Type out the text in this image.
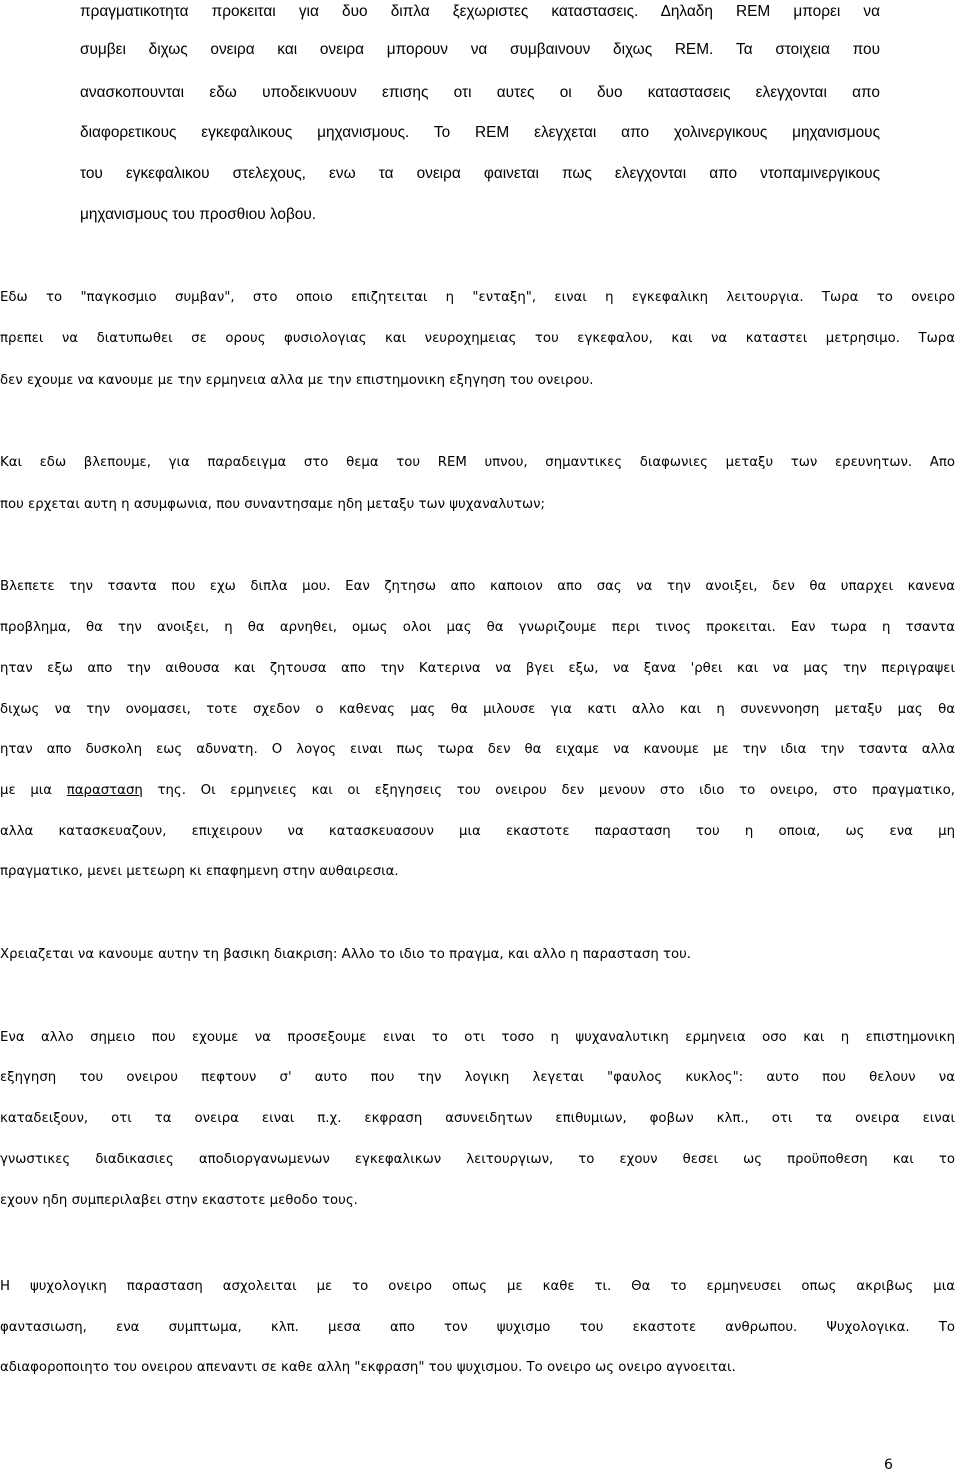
πραγματικοτητα προκειται για δυο διπλα ξεχωριστες καταστασεις. Δηλαδη REM μπορει να
συμβει διχως ονειρα και ονειρα μπορουν να συμβαινουν διχως REM. Τα στοιχεια που
ανασκοπουνται εδω υποδεικνυουν επισης οτι αυτες οι δυο καταστασεις ελεγχονται απο
διαφορετικους εγκεφαλικους μηχανισμους. Το REM ελεγχεται απο χολινεργικους μηχανισμους
του εγκεφαλικου στελεχους, ενω τα ονειρα φαινεται πως ελεγχονται απο ντοπαμινεργικους
μηχανισμους του προσθιου λοβου.
Εδω το "παγκοσμιο συμβαν", στο οποιο επιζητειται η "ενταξη", ειναι η εγκεφαλικη λειτουργια. Τωρα το ονειρο
πρεπει να διατυπωθει σε ορους φυσιολογιας και νευροχημειας του εγκεφαλου, και να καταστει μετρησιμο. Τωρα
δεν εχουμε να κανουμε με την ερμηνεια αλλα με την επιστημονικη εξηγηση του ονειρου.
Και εδω βλεπουμε, για παραδειγμα στο θεμα του REM υπνου, σημαντικες διαφωνιες μεταξυ των ερευνητων. Απο
που ερχεται αυτη η ασυμφωνια, που συναντησαμε ηδη μεταξυ των ψυχαναλυτων;
Βλεπετε την τσαντα που εχω διπλα μου. Εαν ζητησω απο καποιον απο σας να την ανοιξει, δεν θα υπαρχει κανενα
προβλημα, θα την ανοιξει, η θα αρνηθει, ομως ολοι μας θα γνωριζουμε περι τινος προκειται. Εαν τωρα η τσαντα
ηταν εξω απο την αιθουσα και ζητουσα απο την Κατερινα να βγει εξω, να ξανα 'ρθει και να μας την περιγραψει
διχως να την ονομασει, τοτε σχεδον ο καθενας μας θα μιλουσε για κατι αλλο και η συνεννοηση μεταξυ μας θα
ηταν απο δυσκολη εως αδυνατη. Ο λογος ειναι πως τωρα δεν θα ειχαμε να κανουμε με την ιδια την τσαντα αλλα
με μια παρασταση της. Οι ερμηνειες και οι εξηγησεις του ονειρου δεν μενουν στο ιδιο το ονειρο, στο πραγματικο,
αλλα κατασκευαζουν, επιχειρουν να κατασκευασουν μια εκαστοτε παρασταση του η οποια, ως ενα μη
πραγματικο, μενει μετεωρη κι επαφημενη στην αυθαιρεσια.
Χρειαζεται να κανουμε αυτην τη βασικη διακριση: Αλλο το ιδιο το πραγμα, και αλλο η παρασταση του.
Ενα αλλο σημειο που εχουμε να προσεξουμε ειναι το οτι τοσο η ψυχαναλυτικη ερμηνεια οσο και η επιστημονικη
εξηγηση του ονειρου πεφτουν σ' αυτο που την λογικη λεγεται "φαυλος κυκλος": αυτο που θελουν να
καταδειξουν, οτι τα ονειρα ειναι π.χ. εκφραση ασυνειδητων επιθυμιων, φοβων κλπ., οτι τα ονειρα ειναι
γνωστικες διαδικασιες αποδιοργανωμενων εγκεφαλικων λειτουργιων, το εχουν θεσει ως προϋποθεση και το
εχουν ηδη συμπεριλαβει στην εκαστοτε μεθοδο τους.
Η ψυχολογικη παρασταση ασχολειται με το ονειρο οπως με καθε τι. Θα το ερμηνευσει οπως ακριβως μια
φαντασιωση, ενα συμπτωμα, κλπ. μεσα απο τον ψυχισμο του εκαστοτε ανθρωπου. Ψυχολογικα. Το
αδιαφοροποιητο του ονειρου απεναντι σε καθε αλλη "εκφραση" του ψυχισμου. Το ονειρο ως ονειρο αγνοειται.
6
